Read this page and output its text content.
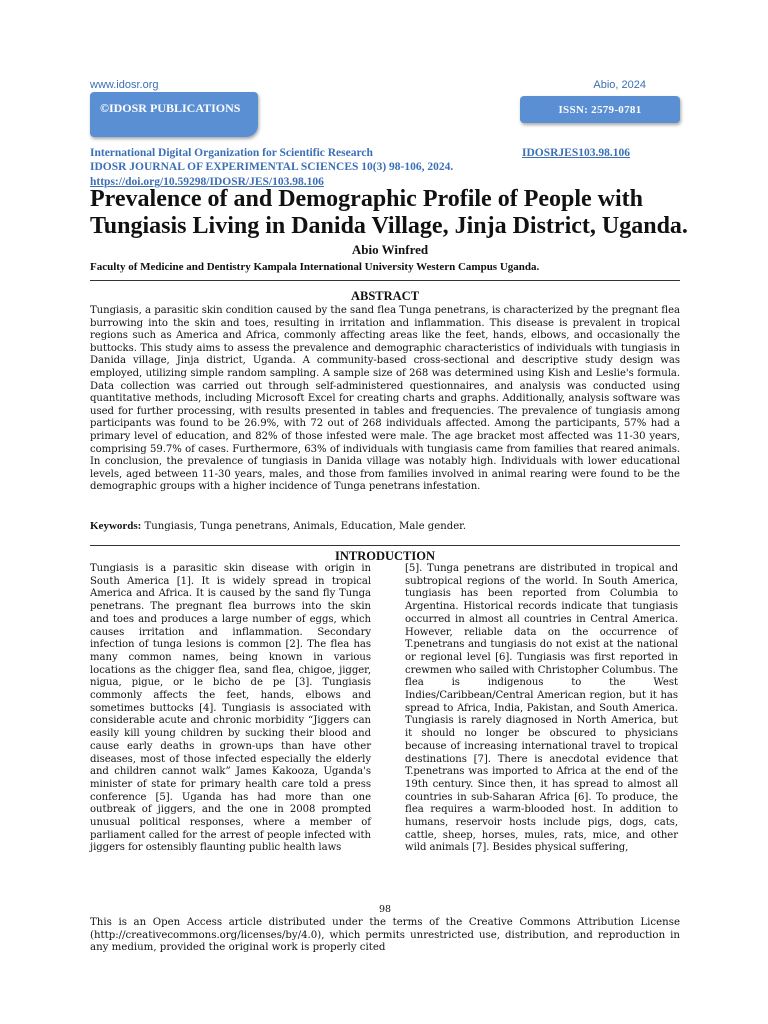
www.idosr.org	Abio, 2024
©IDOSR PUBLICATIONS	ISSN: 2579-0781
International Digital Organization for Scientific Research
IDOSR JOURNAL OF EXPERIMENTAL SCIENCES 10(3) 98-106, 2024.
https://doi.org/10.59298/IDOSR/JES/103.98.106
IDOSRJES103.98.106
Prevalence of and Demographic Profile of People with Tungiasis Living in Danida Village, Jinja District, Uganda.
Abio Winfred
Faculty of Medicine and Dentistry Kampala International University Western Campus Uganda.
ABSTRACT
Tungiasis, a parasitic skin condition caused by the sand flea Tunga penetrans, is characterized by the pregnant flea burrowing into the skin and toes, resulting in irritation and inflammation. This disease is prevalent in tropical regions such as America and Africa, commonly affecting areas like the feet, hands, elbows, and occasionally the buttocks. This study aims to assess the prevalence and demographic characteristics of individuals with tungiasis in Danida village, Jinja district, Uganda. A community-based cross-sectional and descriptive study design was employed, utilizing simple random sampling. A sample size of 268 was determined using Kish and Leslie's formula. Data collection was carried out through self-administered questionnaires, and analysis was conducted using quantitative methods, including Microsoft Excel for creating charts and graphs. Additionally, analysis software was used for further processing, with results presented in tables and frequencies. The prevalence of tungiasis among participants was found to be 26.9%, with 72 out of 268 individuals affected. Among the participants, 57% had a primary level of education, and 82% of those infested were male. The age bracket most affected was 11-30 years, comprising 59.7% of cases. Furthermore, 63% of individuals with tungiasis came from families that reared animals. In conclusion, the prevalence of tungiasis in Danida village was notably high. Individuals with lower educational levels, aged between 11-30 years, males, and those from families involved in animal rearing were found to be the demographic groups with a higher incidence of Tunga penetrans infestation.
Keywords: Tungiasis, Tunga penetrans, Animals, Education, Male gender.
INTRODUCTION
Tungiasis is a parasitic skin disease with origin in South America [1]. It is widely spread in tropical America and Africa. It is caused by the sand fly Tunga penetrans. The pregnant flea burrows into the skin and toes and produces a large number of eggs, which causes irritation and inflammation. Secondary infection of tunga lesions is common [2]. The flea has many common names, being known in various locations as the chigger flea, sand flea, chigoe, jigger, nigua, pigue, or le bicho de pe [3]. Tungiasis commonly affects the feet, hands, elbows and sometimes buttocks [4]. Tungiasis is associated with considerable acute and chronic morbidity “Jiggers can easily kill young children by sucking their blood and cause early deaths in grown-ups than have other diseases, most of those infected especially the elderly and children cannot walk” James Kakooza, Uganda's minister of state for primary health care told a press conference [5]. Uganda has had more than one outbreak of jiggers, and the one in 2008 prompted unusual political responses, where a member of parliament called for the arrest of people infected with jiggers for ostensibly flaunting public health laws
[5]. Tunga penetrans are distributed in tropical and subtropical regions of the world. In South America, tungiasis has been reported from Columbia to Argentina. Historical records indicate that tungiasis occurred in almost all countries in Central America. However, reliable data on the occurrence of T.penetrans and tungiasis do not exist at the national or regional level [6]. Tungiasis was first reported in crewmen who sailed with Christopher Columbus. The flea is indigenous to the West Indies/Caribbean/Central American region, but it has spread to Africa, India, Pakistan, and South America. Tungiasis is rarely diagnosed in North America, but it should no longer be obscured to physicians because of increasing international travel to tropical destinations [7]. There is anecdotal evidence that T.penetrans was imported to Africa at the end of the 19th century. Since then, it has spread to almost all countries in sub-Saharan Africa [6]. To produce, the flea requires a warm-blooded host. In addition to humans, reservoir hosts include pigs, dogs, cats, cattle, sheep, horses, mules, rats, mice, and other wild animals [7]. Besides physical suffering,
98
This is an Open Access article distributed under the terms of the Creative Commons Attribution License (http://creativecommons.org/licenses/by/4.0), which permits unrestricted use, distribution, and reproduction in any medium, provided the original work is properly cited
